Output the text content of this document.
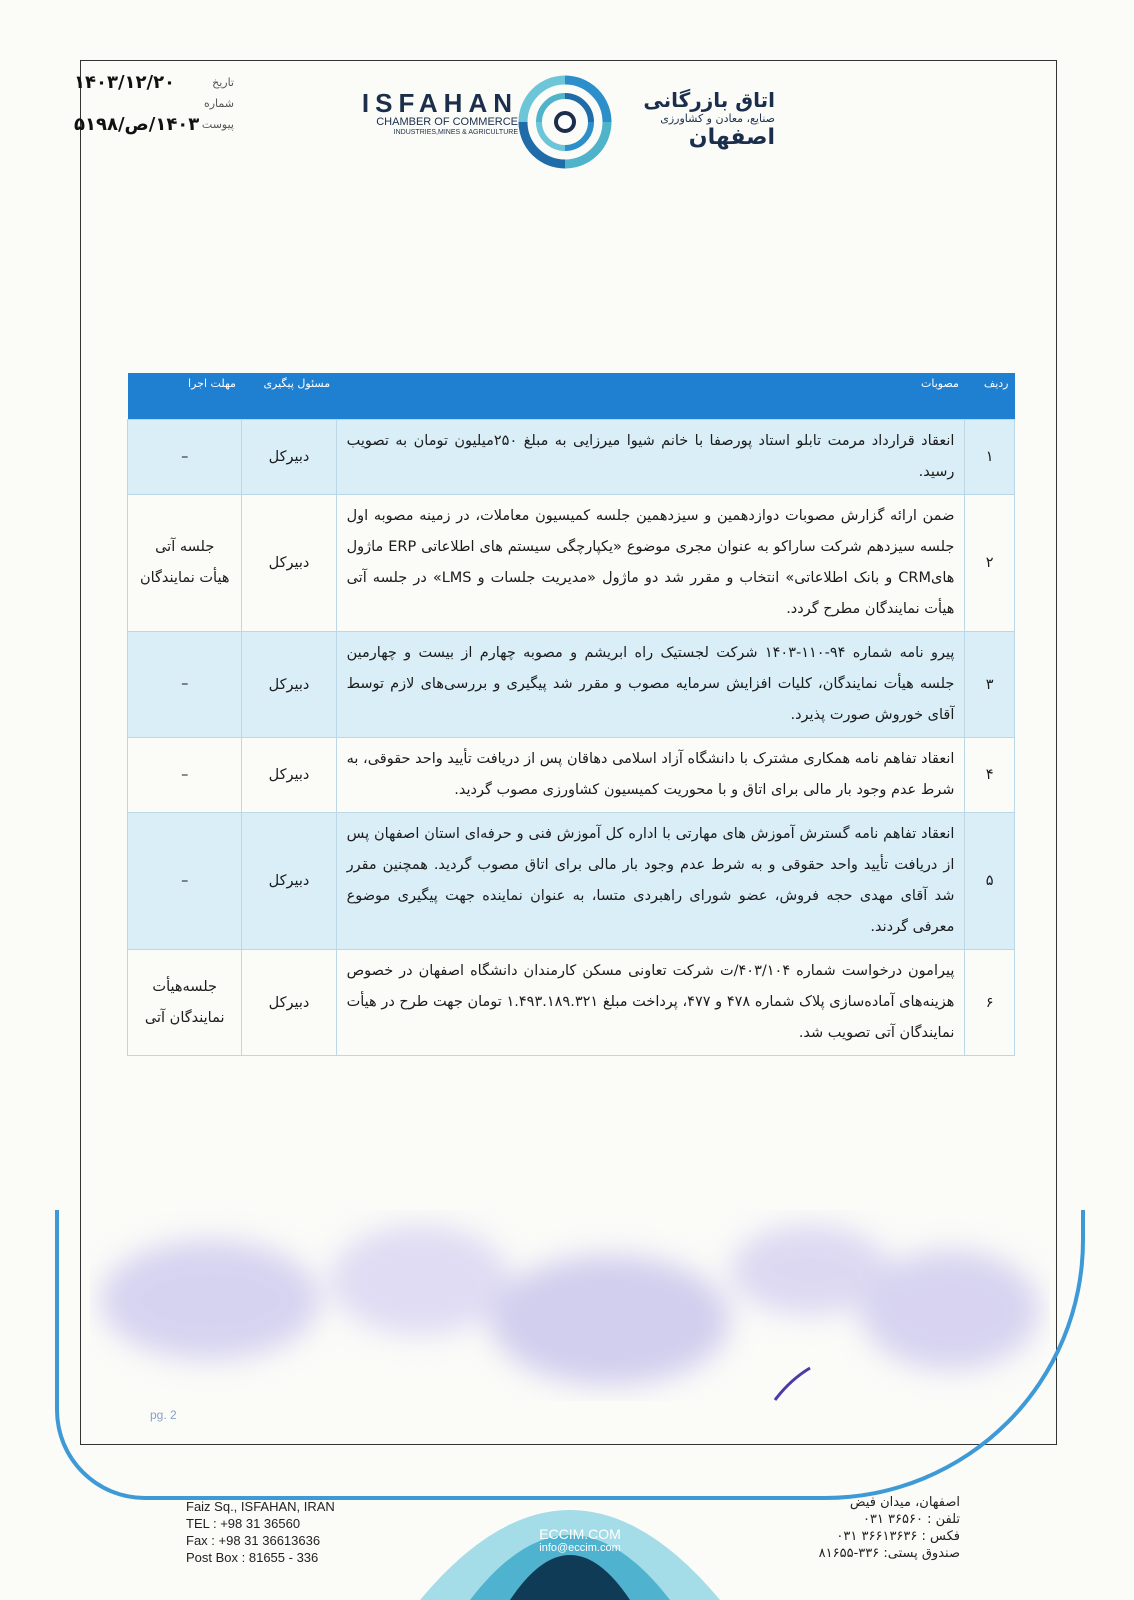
۱۴۰۳/۱۲/۲۰	تاریخ
شماره
۱۴۰۳/ص/۵۱۹۸ پیوست
ISFAHAN
CHAMBER OF COMMERCE
INDUSTRIES,MINES & AGRICULTURE
اتاق بازرگانی
صنایع، معادن و کشاورزی
اصفهان
ردیف	مصوبات	مسئول پیگیری	مهلت اجرا
۱	انعقاد قرارداد مرمت تابلو استاد پورصفا با خانم شیوا میرزایی به مبلغ ۲۵۰میلیون تومان به تصویب رسید.	دبیرکل	–
۲	ضمن ارائه گزارش مصوبات دوازدهمین و سیزدهمین جلسه کمیسیون معاملات، در زمینه مصوبه اول جلسه سیزدهم شرکت ساراکو به عنوان مجری موضوع «یکپارچگی سیستم های اطلاعاتی ERP ماژول هایCRM و بانک اطلاعاتی» انتخاب و مقرر شد دو ماژول «مدیریت جلسات و LMS» در جلسه آتی هیأت نمایندگان مطرح گردد.	دبیرکل	جلسه آتی هیأت نمایندگان
۳	پیرو نامه شماره ۹۴-۱۱۰-۱۴۰۳ شرکت لجستیک راه ابریشم و مصوبه چهارم از بیست و چهارمین جلسه هیأت نمایندگان، کلیات افزایش سرمایه مصوب و مقرر شد پیگیری و بررسی‌های لازم توسط آقای خوروش صورت پذیرد.	دبیرکل	–
۴	انعقاد تفاهم نامه همکاری مشترک با دانشگاه آزاد اسلامی دهاقان پس از دریافت تأیید واحد حقوقی، به شرط عدم وجود بار مالی برای اتاق و با محوریت کمیسیون کشاورزی مصوب گردید.	دبیرکل	–
۵	انعقاد تفاهم نامه گسترش آموزش های مهارتی با اداره کل آموزش فنی و حرفه‌ای استان اصفهان پس از دریافت تأیید واحد حقوقی و به شرط عدم وجود بار مالی برای اتاق مصوب گردید. همچنین مقرر شد آقای مهدی حجه فروش، عضو شورای راهبردی متسا، به عنوان نماینده جهت پیگیری موضوع معرفی گردند.	دبیرکل	–
۶	پیرامون درخواست شماره ۴۰۳/۱۰۴/ت شرکت تعاونی مسکن کارمندان دانشگاه اصفهان در خصوص هزینه‌های آماده‌سازی پلاک شماره ۴۷۸ و ۴۷۷، پرداخت مبلغ ۱.۴۹۳.۱۸۹.۳۲۱ تومان جهت طرح در هیأت نمایندگان آتی تصویب شد.	دبیرکل	جلسه‌هیأت نمایندگان آتی
pg. 2
ECCIM.COM
info@eccim.com
Faiz Sq., ISFAHAN, IRAN
TEL : +98 31 36560
Fax : +98 31 36613636
Post Box : 81655 - 336
اصفهان، میدان فیض
تلفن : ۳۶۵۶۰ ۰۳۱
فکس : ۳۶۶۱۳۶۳۶ ۰۳۱
صندوق پستی: ۳۳۶-۸۱۶۵۵
